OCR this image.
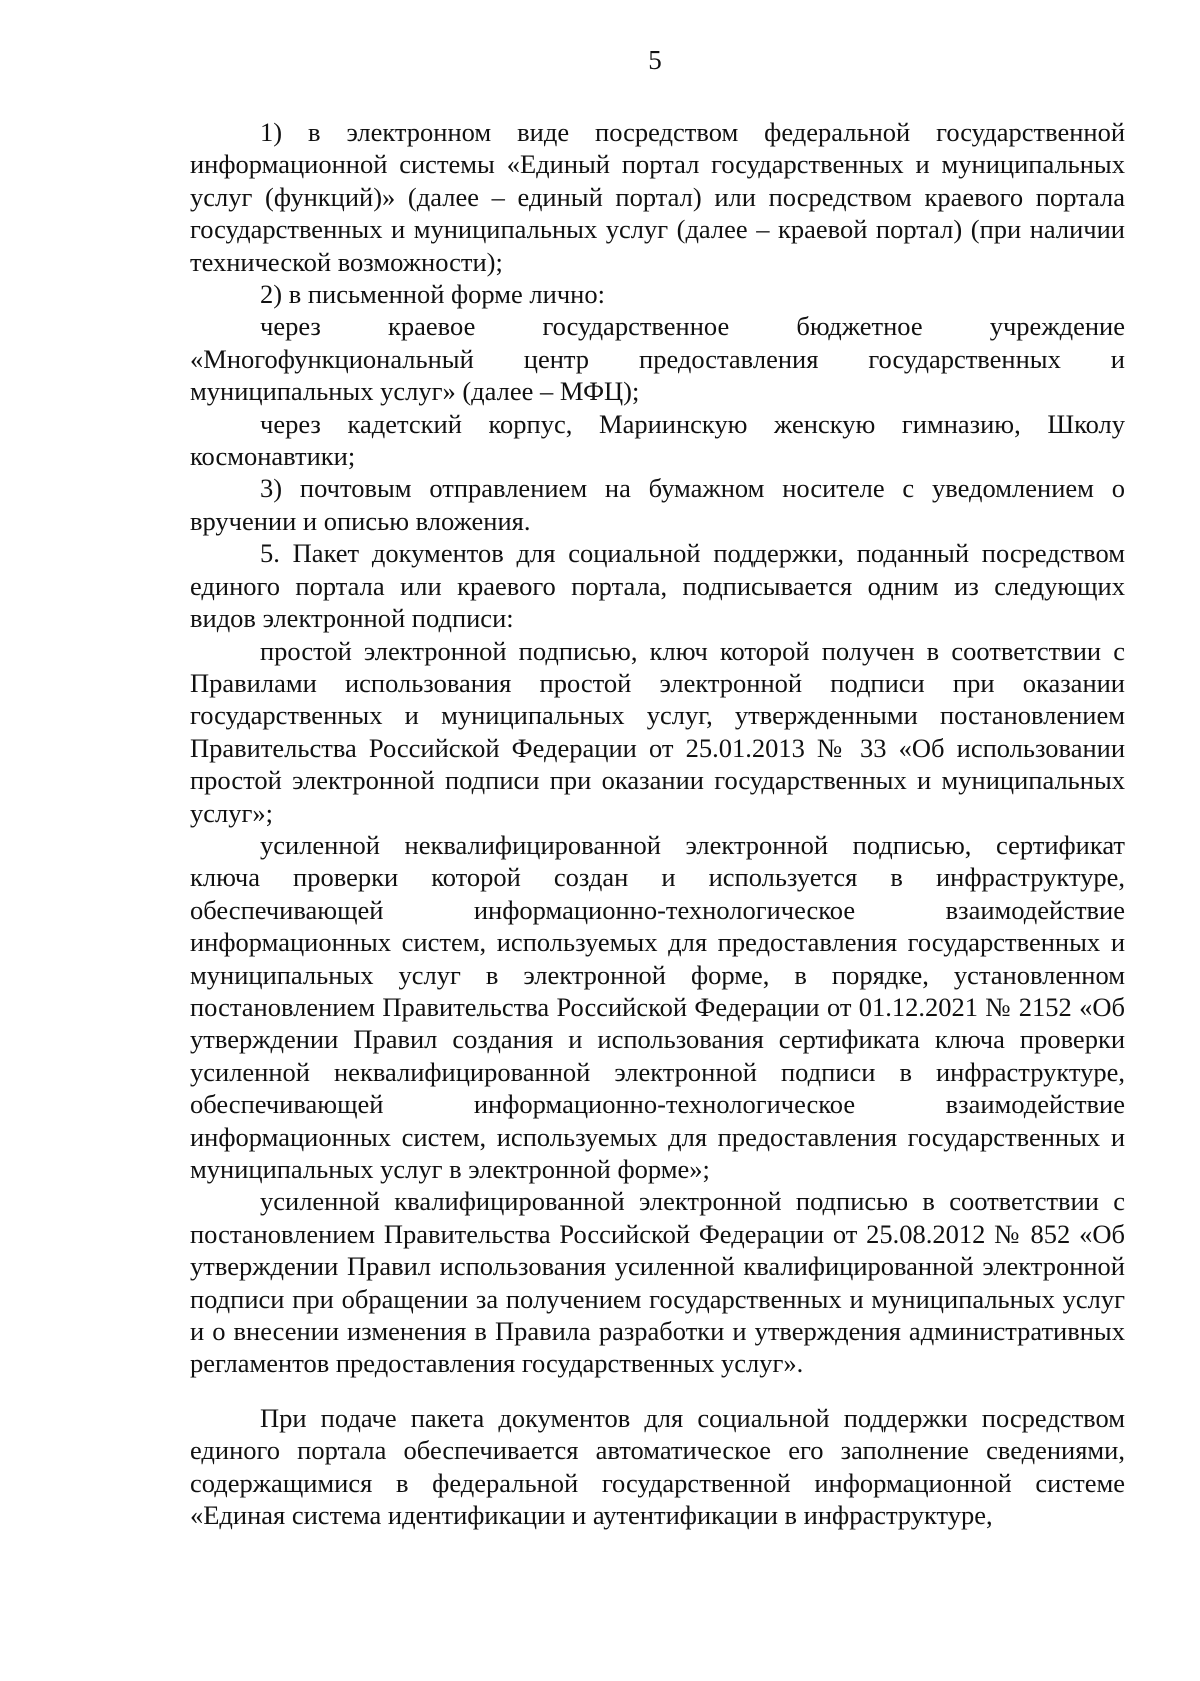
5

1) в электронном виде посредством федеральной государственной информационной системы «Единый портал государственных и муниципальных услуг (функций)» (далее – единый портал) или посредством краевого портала государственных и муниципальных услуг (далее – краевой портал) (при наличии технической возможности);

2) в письменной форме лично:

через краевое государственное бюджетное учреждение «Многофункциональный центр предоставления государственных и муниципальных услуг» (далее – МФЦ);

через кадетский корпус, Мариинскую женскую гимназию, Школу космонавтики;

3) почтовым отправлением на бумажном носителе с уведомлением о вручении и описью вложения.

5. Пакет документов для социальной поддержки, поданный посредством единого портала или краевого портала, подписывается одним из следующих видов электронной подписи:

простой электронной подписью, ключ которой получен в соответствии с Правилами использования простой электронной подписи при оказании государственных и муниципальных услуг, утвержденными постановлением Правительства Российской Федерации от 25.01.2013 № 33 «Об использовании простой электронной подписи при оказании государственных и муниципальных услуг»;

усиленной неквалифицированной электронной подписью, сертификат ключа проверки которой создан и используется в инфраструктуре, обеспечивающей информационно-технологическое взаимодействие информационных систем, используемых для предоставления государственных и муниципальных услуг в электронной форме, в порядке, установленном постановлением Правительства Российской Федерации от 01.12.2021 № 2152 «Об утверждении Правил создания и использования сертификата ключа проверки усиленной неквалифицированной электронной подписи в инфраструктуре, обеспечивающей информационно-технологическое взаимодействие информационных систем, используемых для предоставления государственных и муниципальных услуг в электронной форме»;

усиленной квалифицированной электронной подписью в соответствии с постановлением Правительства Российской Федерации от 25.08.2012 № 852 «Об утверждении Правил использования усиленной квалифицированной электронной подписи при обращении за получением государственных и муниципальных услуг и о внесении изменения в Правила разработки и утверждения административных регламентов предоставления государственных услуг».

При подаче пакета документов для социальной поддержки посредством единого портала обеспечивается автоматическое его заполнение сведениями, содержащимися в федеральной государственной информационной системе «Единая система идентификации и аутентификации в инфраструктуре,
